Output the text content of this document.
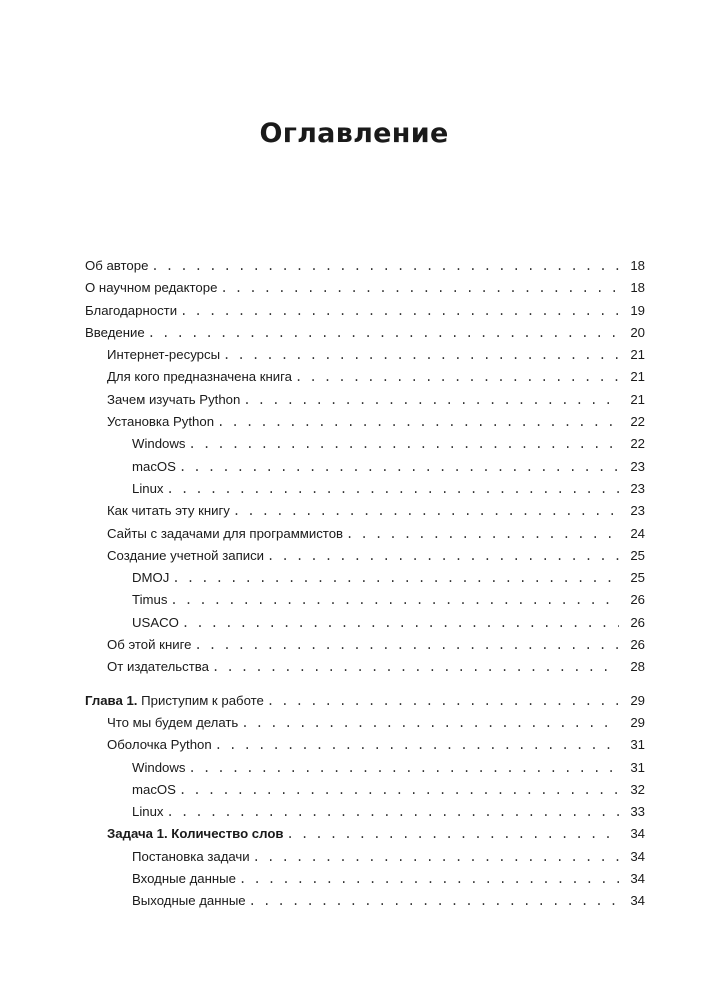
Оглавление
Об авторе . . .	18
О научном редакторе . . .	18
Благодарности . . .	19
Введение . . .	20
Интернет-ресурсы . . .	21
Для кого предназначена книга . . .	21
Зачем изучать Python . . .	21
Установка Python . . .	22
Windows . . .	22
macOS . . .	23
Linux . . .	23
Как читать эту книгу . . .	23
Сайты с задачами для программистов . . .	24
Создание учетной записи . . .	25
DMOJ . . .	25
Timus . . .	26
USACO . . .	26
Об этой книге . . .	26
От издательства . . .	28
Глава 1. Приступим к работе . . .	29
Что мы будем делать . . .	29
Оболочка Python . . .	31
Windows . . .	31
macOS . . .	32
Linux . . .	33
Задача 1. Количество слов . . .	34
Постановка задачи . . .	34
Входные данные . . .	34
Выходные данные . . .	34
